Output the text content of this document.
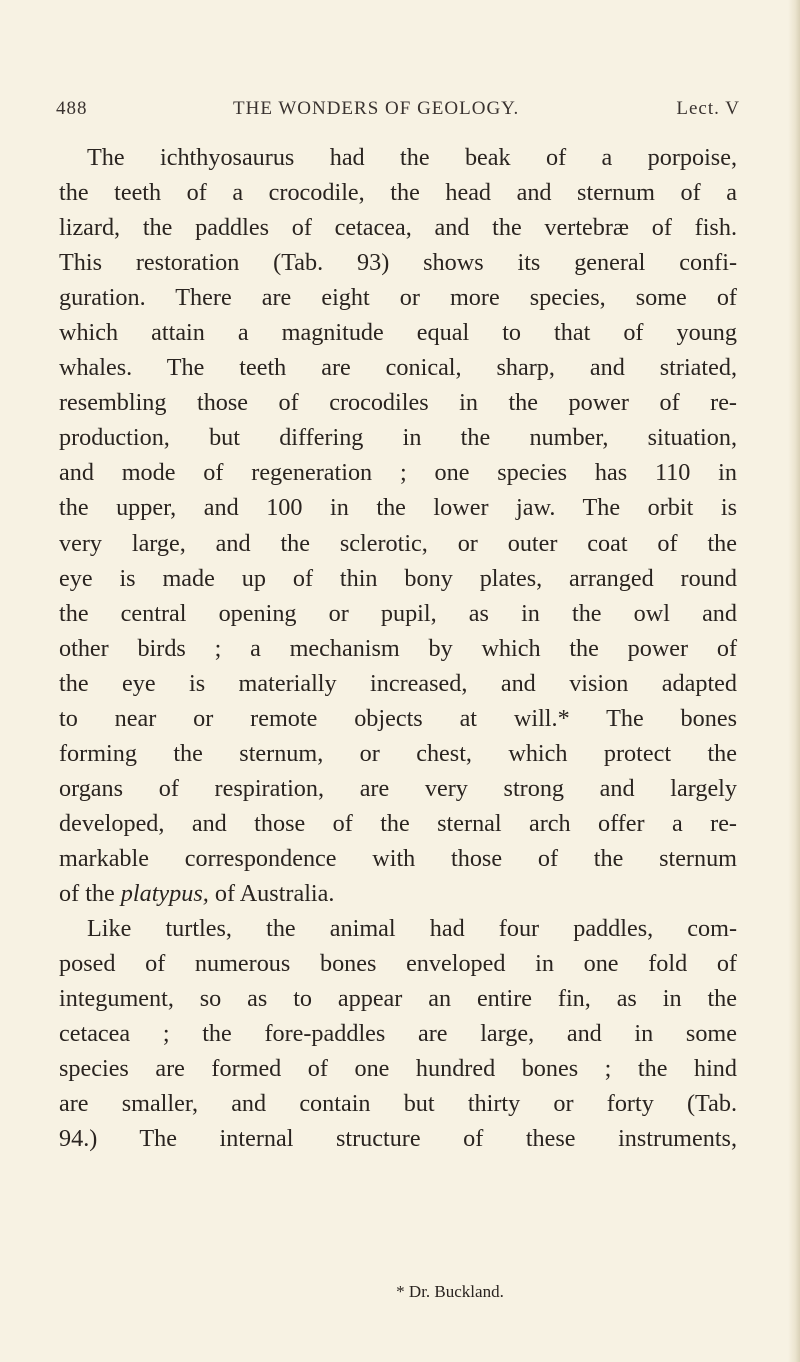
488	THE WONDERS OF GEOLOGY.	Lect. V
The ichthyosaurus had the beak of a porpoise,
the teeth of a crocodile, the head and sternum of a
lizard, the paddles of cetacea, and the vertebræ of fish.
This restoration (Tab. 93) shows its general confi-
guration. There are eight or more species, some of
which attain a magnitude equal to that of young
whales. The teeth are conical, sharp, and striated,
resembling those of crocodiles in the power of re-
production, but differing in the number, situation,
and mode of regeneration ; one species has 110 in
the upper, and 100 in the lower jaw. The orbit is
very large, and the sclerotic, or outer coat of the
eye is made up of thin bony plates, arranged round
the central opening or pupil, as in the owl and
other birds ; a mechanism by which the power of
the eye is materially increased, and vision adapted
to near or remote objects at will.* The bones
forming the sternum, or chest, which protect the
organs of respiration, are very strong and largely
developed, and those of the sternal arch offer a re-
markable correspondence with those of the sternum
of the platypus, of Australia.
Like turtles, the animal had four paddles, com-
posed of numerous bones enveloped in one fold of
integument, so as to appear an entire fin, as in the
cetacea ; the fore-paddles are large, and in some
species are formed of one hundred bones ; the hind
are smaller, and contain but thirty or forty (Tab.
94.) The internal structure of these instruments,
* Dr. Buckland.
